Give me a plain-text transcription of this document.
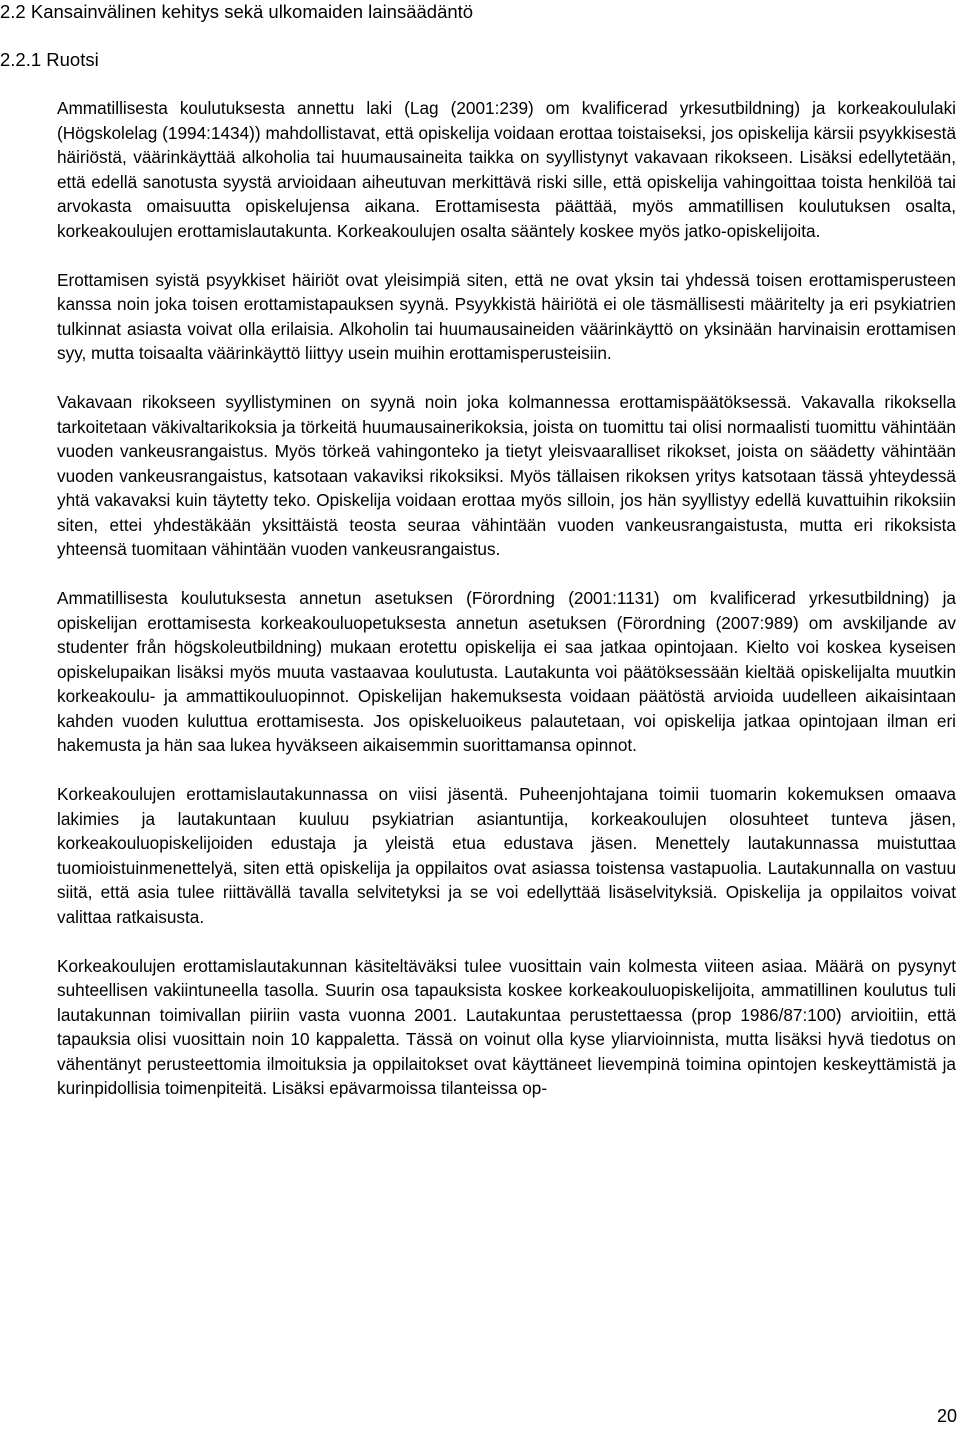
2.2 Kansainvälinen kehitys sekä ulkomaiden lainsäädäntö
2.2.1 Ruotsi

Ammatillisesta koulutuksesta annettu laki (Lag (2001:239) om kvalificerad yrkesutbildning) ja korkeakoululaki (Högskolelag (1994:1434)) mahdollistavat, että opiskelija voidaan erottaa toistaiseksi, jos opiskelija kärsii psyykkisestä häiriöstä, väärinkäyttää alkoholia tai huumausaineita taikka on syyllistynyt vakavaan rikokseen. Lisäksi edellytetään, että edellä sanotusta syystä arvioidaan aiheutuvan merkittävä riski sille, että opiskelija vahingoittaa toista henkilöä tai arvokasta omaisuutta opiskelujensa aikana. Erottamisesta päättää, myös ammatillisen koulutuksen osalta, korkeakoulujen erottamislautakunta. Korkeakoulujen osalta sääntely koskee myös jatko-opiskelijoita.

Erottamisen syistä psyykkiset häiriöt ovat yleisimpiä siten, että ne ovat yksin tai yhdessä toisen erottamisperusteen kanssa noin joka toisen erottamistapauksen syynä. Psyykkistä häiriötä ei ole täsmällisesti määritelty ja eri psykiatrien tulkinnat asiasta voivat olla erilaisia. Alkoholin tai huumausaineiden väärinkäyttö on yksinään harvinaisin erottamisen syy, mutta toisaalta väärinkäyttö liittyy usein muihin erottamisperusteisiin.

Vakavaan rikokseen syyllistyminen on syynä noin joka kolmannessa erottamispäätöksessä. Vakavalla rikoksella tarkoitetaan väkivaltarikoksia ja törkeitä huumausainerikoksia, joista on tuomittu tai olisi normaalisti tuomittu vähintään vuoden vankeusrangaistus. Myös törkeä vahingonteko ja tietyt yleisvaaralliset rikokset, joista on säädetty vähintään vuoden vankeusrangaistus, katsotaan vakaviksi rikoksiksi. Myös tällaisen rikoksen yritys katsotaan tässä yhteydessä yhtä vakavaksi kuin täytetty teko. Opiskelija voidaan erottaa myös silloin, jos hän syyllistyy edellä kuvattuihin rikoksiin siten, ettei yhdestäkään yksittäistä teosta seuraa vähintään vuoden vankeusrangaistusta, mutta eri rikoksista yhteensä tuomitaan vähintään vuoden vankeusrangaistus.

Ammatillisesta koulutuksesta annetun asetuksen (Förordning (2001:1131) om kvalificerad yrkesutbildning) ja opiskelijan erottamisesta korkeakouluopetuksesta annetun asetuksen (Förordning (2007:989) om avskiljande av studenter från högskoleutbildning) mukaan erotettu opiskelija ei saa jatkaa opintojaan. Kielto voi koskea kyseisen opiskelupaikan lisäksi myös muuta vastaavaa koulutusta. Lautakunta voi päätöksessään kieltää opiskelijalta muutkin korkeakoulu- ja ammattikouluopinnot. Opiskelijan hakemuksesta voidaan päätöstä arvioida uudelleen aikaisintaan kahden vuoden kuluttua erottamisesta. Jos opiskeluoikeus palautetaan, voi opiskelija jatkaa opintojaan ilman eri hakemusta ja hän saa lukea hyväkseen aikaisemmin suorittamansa opinnot.

Korkeakoulujen erottamislautakunnassa on viisi jäsentä. Puheenjohtajana toimii tuomarin kokemuksen omaava lakimies ja lautakuntaan kuuluu psykiatrian asiantuntija, korkeakoulujen olosuhteet tunteva jäsen, korkeakouluopiskelijoiden edustaja ja yleistä etua edustava jäsen. Menettely lautakunnassa muistuttaa tuomioistuinmenettelyä, siten että opiskelija ja oppilaitos ovat asiassa toistensa vastapuolia. Lautakunnalla on vastuu siitä, että asia tulee riittävällä tavalla selvitetyksi ja se voi edellyttää lisäselvityksiä. Opiskelija ja oppilaitos voivat valittaa ratkaisusta.

Korkeakoulujen erottamislautakunnan käsiteltäväksi tulee vuosittain vain kolmesta viiteen asiaa. Määrä on pysynyt suhteellisen vakiintuneella tasolla. Suurin osa tapauksista koskee korkeakouluopiskelijoita, ammatillinen koulutus tuli lautakunnan toimivallan piiriin vasta vuonna 2001. Lautakuntaa perustettaessa (prop 1986/87:100) arvioitiin, että tapauksia olisi vuosittain noin 10 kappaletta. Tässä on voinut olla kyse yliarvioinnista, mutta lisäksi hyvä tiedotus on vähentänyt perusteettomia ilmoituksia ja oppilaitokset ovat käyttäneet lievempinä toimina opintojen keskeyttämistä ja kurinpidollisia toimenpiteitä. Lisäksi epävarmoissa tilanteissa op-

20
